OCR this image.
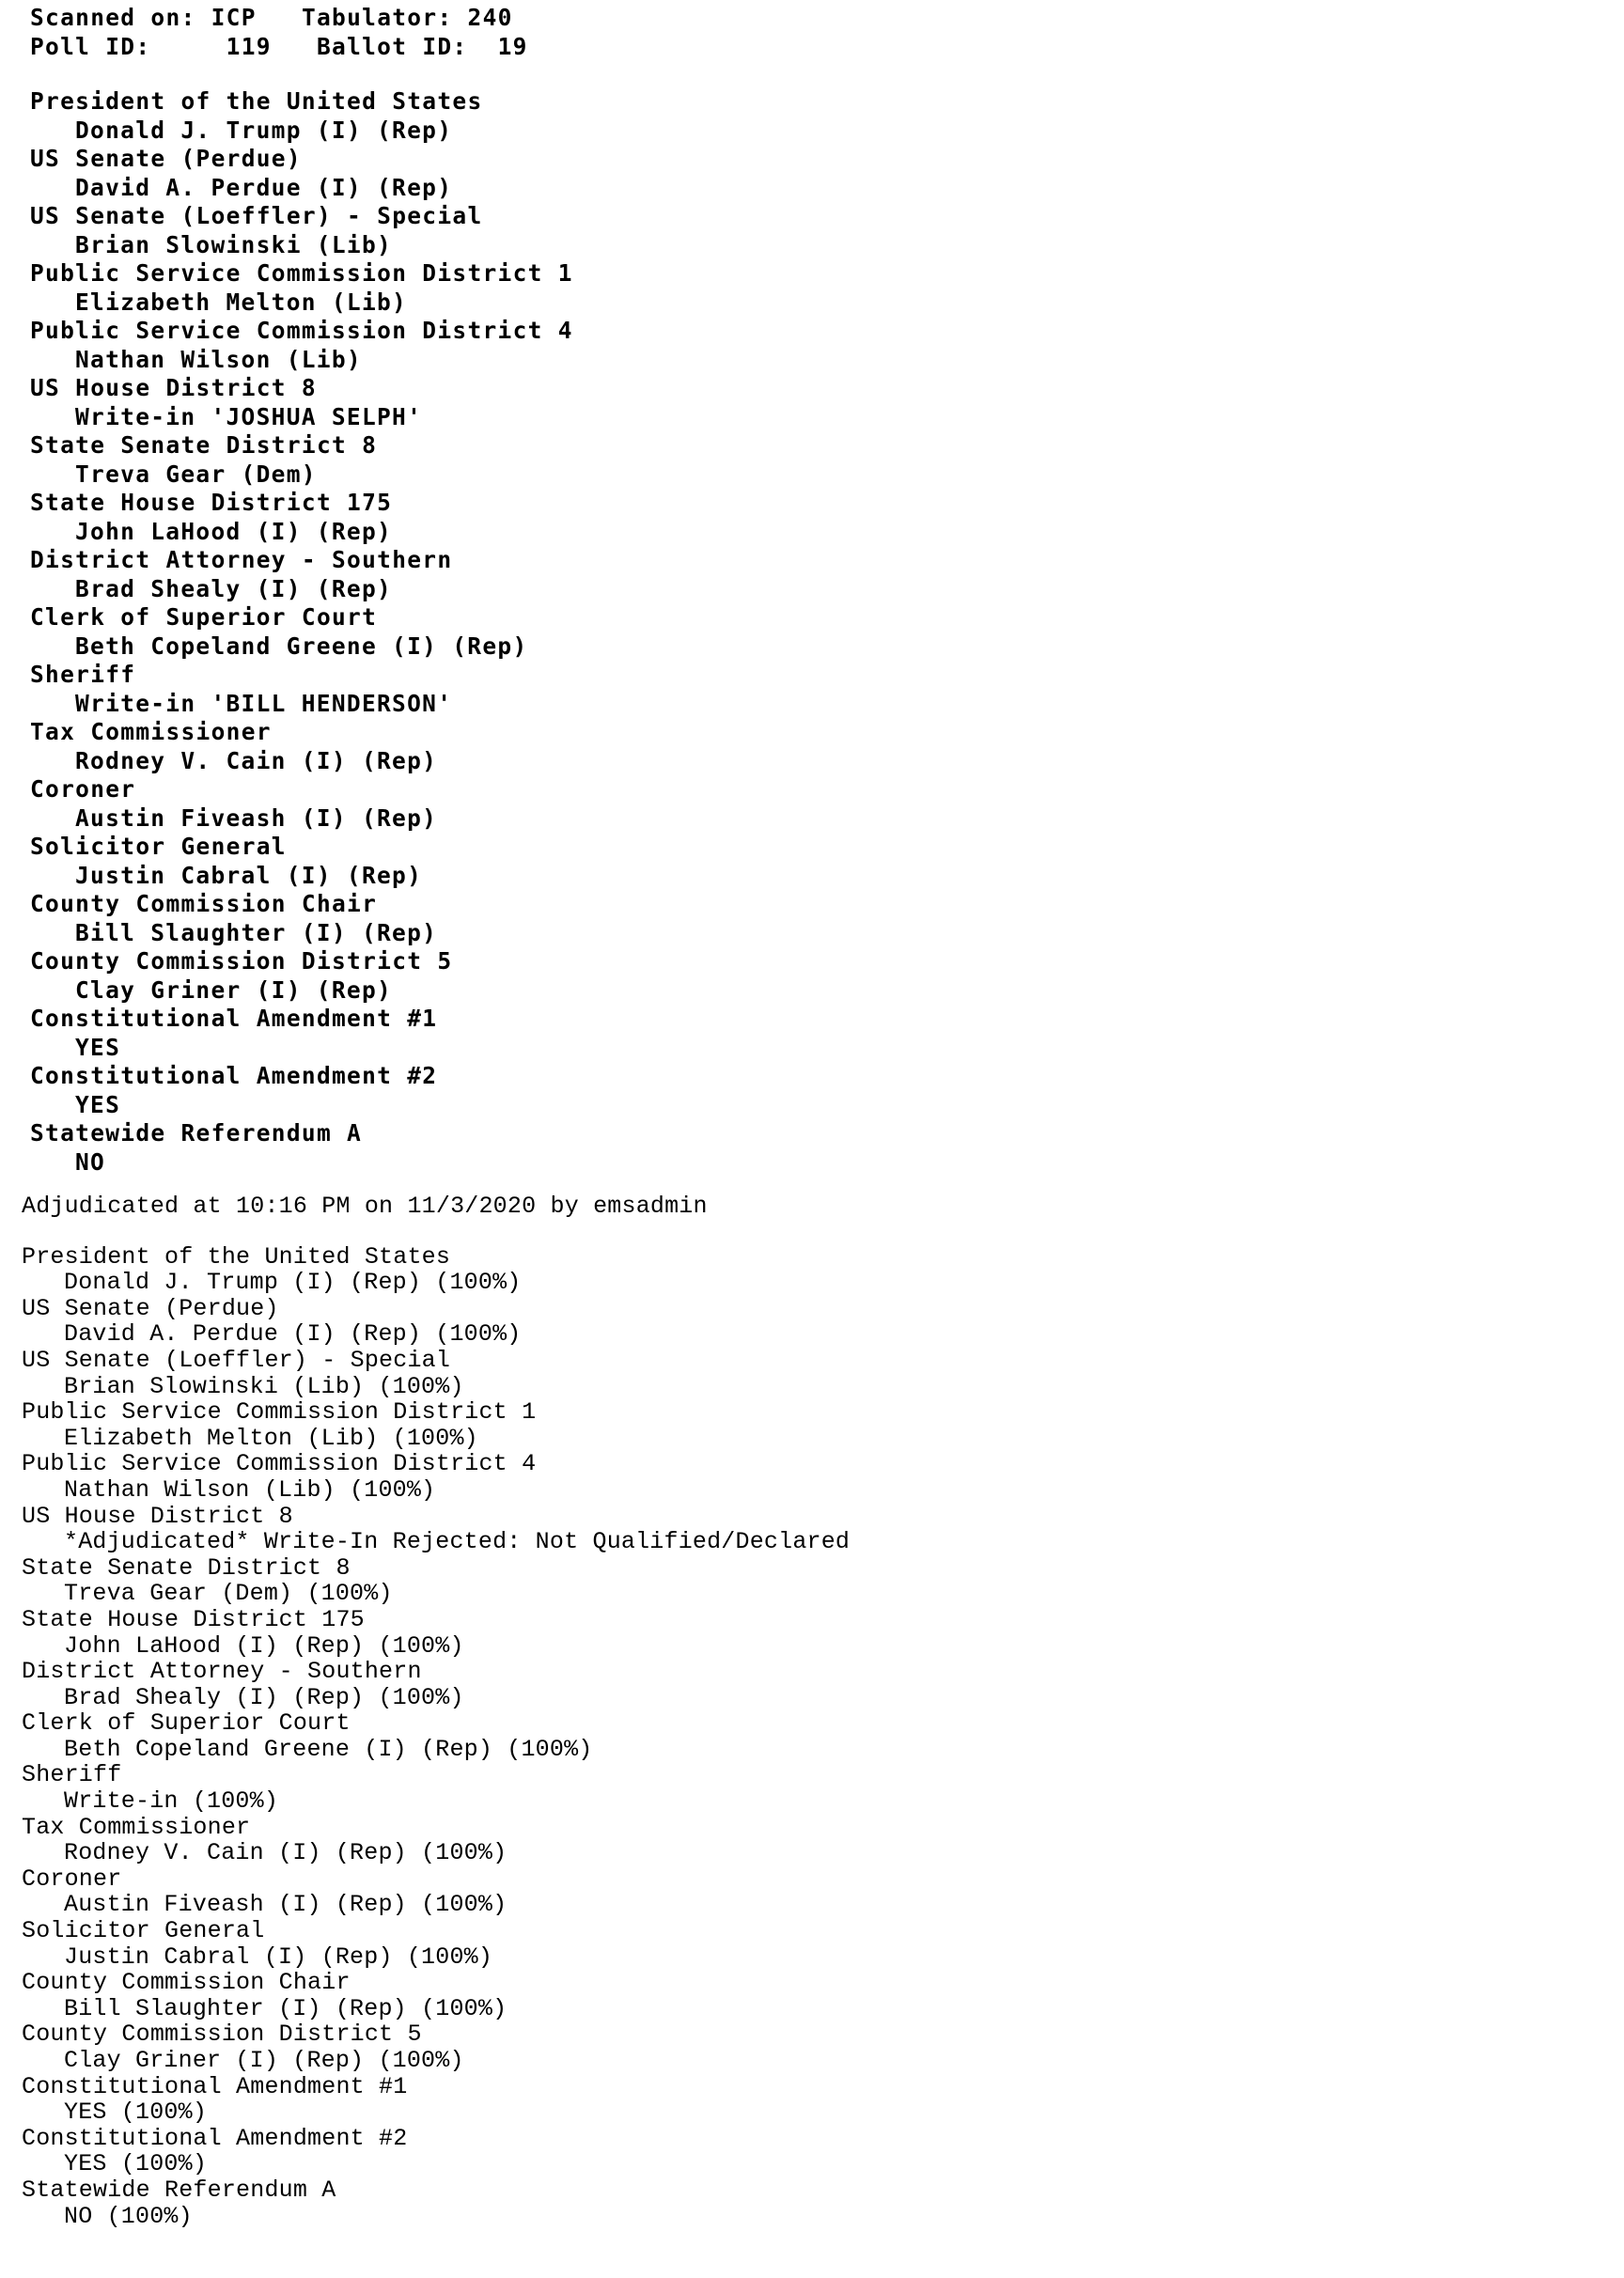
Scanned on: ICP Tabulator: 240
Poll ID:	119 Ballot ID: 19
President of the United States
Donald J. Trump (I) (Rep)
US Senate (Perdue)
David A. Perdue (I) (Rep)
US Senate (Loeffler) - Special
Brian Slowinski (Lib)
Public Service Commission District 1
Elizabeth Melton (Lib)
Public Service Commission District 4
Nathan Wilson (Lib)
US House District 8
Write-in 'JOSHUA SELPH'
State Senate District 8
Treva Gear (Dem)
State House District 175
John LaHood (I) (Rep)
District Attorney - Southern
Brad Shealy (I) (Rep)
Clerk of Superior Court
Beth Copeland Greene (I) (Rep)
Sheriff
Write-in 'BILL HENDERSON'
Tax Commissioner
Rodney V. Cain (I) (Rep)
Coroner
Austin Fiveash (I) (Rep)
Solicitor General
Justin Cabral (I) (Rep)
County Commission Chair
Bill Slaughter (I) (Rep)
County Commission District 5
Clay Griner (I) (Rep)
Constitutional Amendment #1
YES
Constitutional Amendment #2
YES
Statewide Referendum A
NO
Adjudicated at 10:16 PM on 11/3/2020 by emsadmin
President of the United States
Donald J. Trump (I) (Rep) (100%)
US Senate (Perdue)
David A. Perdue (I) (Rep) (100%)
US Senate (Loeffler) - Special
Brian Slowinski (Lib) (100%)
Public Service Commission District 1
Elizabeth Melton (Lib) (100%)
Public Service Commission District 4
Nathan Wilson (Lib) (100%)
US House District 8
*Adjudicated* Write-In Rejected: Not Qualified/Declared
State Senate District 8
Treva Gear (Dem) (100%)
State House District 175
John LaHood (I) (Rep) (100%)
District Attorney - Southern
Brad Shealy (I) (Rep) (100%)
Clerk of Superior Court
Beth Copeland Greene (I) (Rep) (100%)
Sheriff
Write-in (100%)
Tax Commissioner
Rodney V. Cain (I) (Rep) (100%)
Coroner
Austin Fiveash (I) (Rep) (100%)
Solicitor General
Justin Cabral (I) (Rep) (100%)
County Commission Chair
Bill Slaughter (I) (Rep) (100%)
County Commission District 5
Clay Griner (I) (Rep) (100%)
Constitutional Amendment #1
YES (100%)
Constitutional Amendment #2
YES (100%)
Statewide Referendum A
NO (100%)
